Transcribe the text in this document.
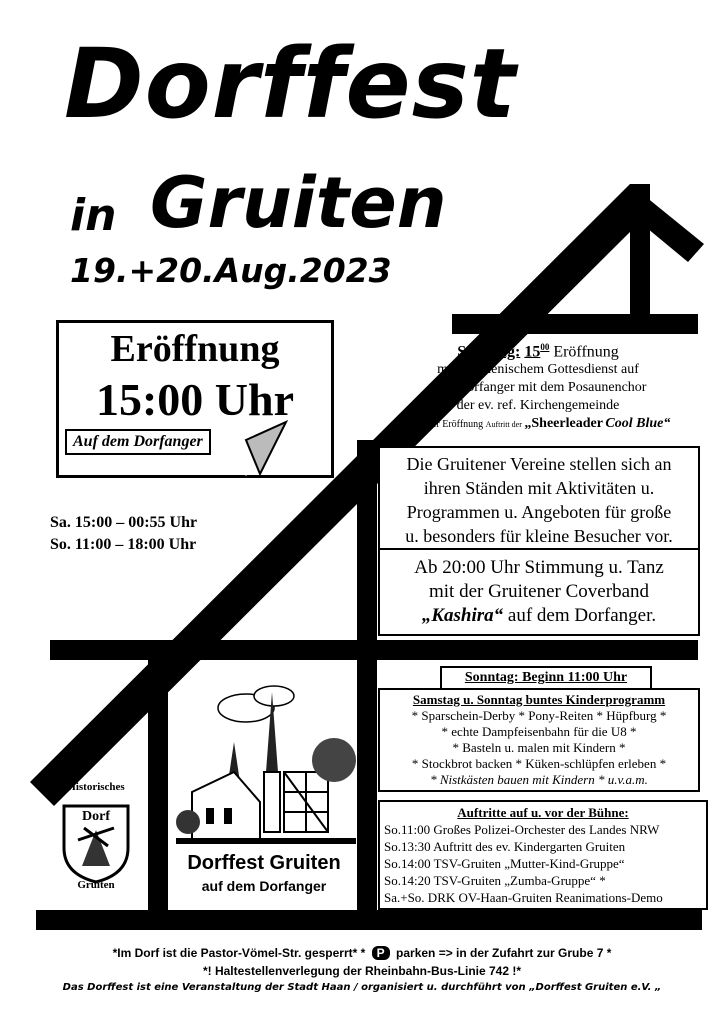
Dorffest
in Gruiten
19.+20.Aug.2023
Eröffnung
15:00 Uhr
Auf dem Dorfanger
Sa. 15:00 – 00:55 Uhr
So. 11:00 – 18:00 Uhr
Samstag: $15^{00}$ Eröffnung
mit ökumenischem Gottesdienst auf
dem Dorfanger mit dem Posaunenchor
der ev. ref. Kirchengemeinde
nach der Eröffnung Auftritt der „Sheerleader Cool Blue“
Die Gruitener Vereine stellen sich an
ihren Ständen mit Aktivitäten u.
Programmen u. Angeboten für große
u. besonders für kleine Besucher vor.
Ab 20:00 Uhr Stimmung u. Tanz
mit der Gruitener Coverband
„Kashira“ auf dem Dorfanger.
Sonntag: Beginn 11:00 Uhr
Samstag u. Sonntag buntes Kinderprogramm
* Sparschein-Derby * Pony-Reiten * Hüpfburg *
* echte Dampfeisenbahn für die U8 *
* Basteln u. malen mit Kindern *
* Stockbrot backen * Küken-schlüpfen erleben *
* Nistkästen bauen mit Kindern * u.v.a.m.
Auftritte auf u. vor der Bühne:
So.11:00 Großes Polizei-Orchester des Landes NRW
So.13:30 Auftritt des ev. Kindergarten Gruiten
So.14:00 TSV-Gruiten „Mutter-Kind-Gruppe“
So.14:20 TSV-Gruiten „Zumba-Gruppe“ *
Sa.+So. DRK OV-Haan-Gruiten Reanimations-Demo
Historisches
Dorf
Gruiten
Dorffest Gruiten
auf dem Dorfanger
*Im Dorf ist die Pastor-Vömel-Str. gesperrt* * P parken => in der Zufahrt zur Grube 7 *
*! Haltestellenverlegung der Rheinbahn-Bus-Linie 742 !*
Das Dorffest ist eine Veranstaltung der Stadt Haan / organisiert u. durchführt von „Dorffest Gruiten e.V. „
